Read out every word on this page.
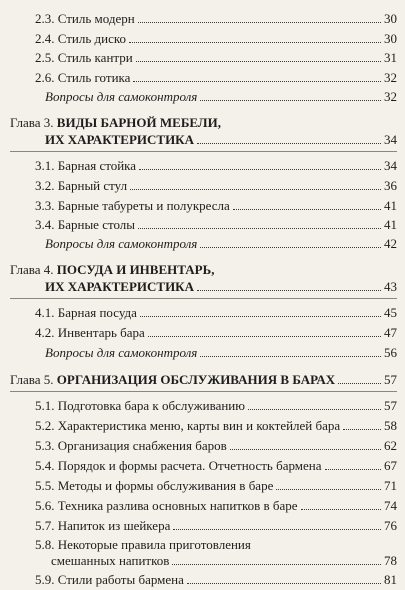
2.3. Стиль модерн	30
2.4. Стиль диско	30
2.5. Стиль кантри	31
2.6. Стиль готика	32
Вопросы для самоконтроля	32
Глава 3. ВИДЫ БАРНОЙ МЕБЕЛИ,
ИХ ХАРАКТЕРИСТИКА	34
3.1. Барная стойка	34
3.2. Барный стул	36
3.3. Барные табуреты и полукресла	41
3.4. Барные столы	41
Вопросы для самоконтроля	42
Глава 4. ПОСУДА И ИНВЕНТАРЬ,
ИХ ХАРАКТЕРИСТИКА	43
4.1. Барная посуда	45
4.2. Инвентарь бара	47
Вопросы для самоконтроля	56
Глава 5. ОРГАНИЗАЦИЯ ОБСЛУЖИВАНИЯ В БАРАХ	57
5.1. Подготовка бара к обслуживанию	57
5.2. Характеристика меню, карты вин и коктейлей бара	58
5.3. Организация снабжения баров	62
5.4. Порядок и формы расчета. Отчетность бармена	67
5.5. Методы и формы обслуживания в баре	71
5.6. Техника разлива основных напитков в баре	74
5.7. Напиток из шейкера	76
5.8. Некоторые правила приготовления
смешанных напитков	78
5.9. Стили работы бармена	81
